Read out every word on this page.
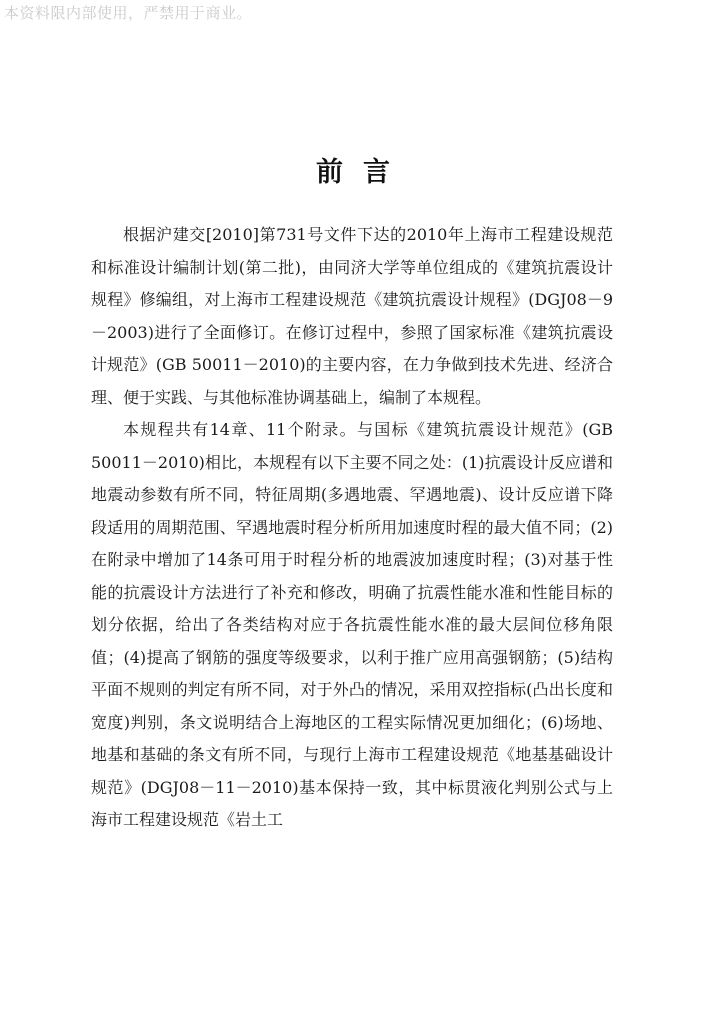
本资料限内部使用，严禁用于商业。
前言

根据沪建交[2010]第731号文件下达的2010年上海市工程建设规范和标准设计编制计划(第二批)，由同济大学等单位组成的《建筑抗震设计规程》修编组，对上海市工程建设规范《建筑抗震设计规程》(DGJ08－9－2003)进行了全面修订。在修订过程中，参照了国家标准《建筑抗震设计规范》(GB 50011－2010)的主要内容，在力争做到技术先进、经济合理、便于实践、与其他标准协调基础上，编制了本规程。

本规程共有14章、11个附录。与国标《建筑抗震设计规范》(GB 50011－2010)相比，本规程有以下主要不同之处：(1)抗震设计反应谱和地震动参数有所不同，特征周期(多遇地震、罕遇地震)、设计反应谱下降段适用的周期范围、罕遇地震时程分析所用加速度时程的最大值不同；(2)在附录中增加了14条可用于时程分析的地震波加速度时程；(3)对基于性能的抗震设计方法进行了补充和修改，明确了抗震性能水准和性能目标的划分依据，给出了各类结构对应于各抗震性能水准的最大层间位移角限值；(4)提高了钢筋的强度等级要求，以利于推广应用高强钢筋；(5)结构平面不规则的判定有所不同，对于外凸的情况，采用双控指标(凸出长度和宽度)判别，条文说明结合上海地区的工程实际情况更加细化；(6)场地、地基和基础的条文有所不同，与现行上海市工程建设规范《地基基础设计规范》(DGJ08－11－2010)基本保持一致，其中标贯液化判别公式与上海市工程建设规范《岩土工
